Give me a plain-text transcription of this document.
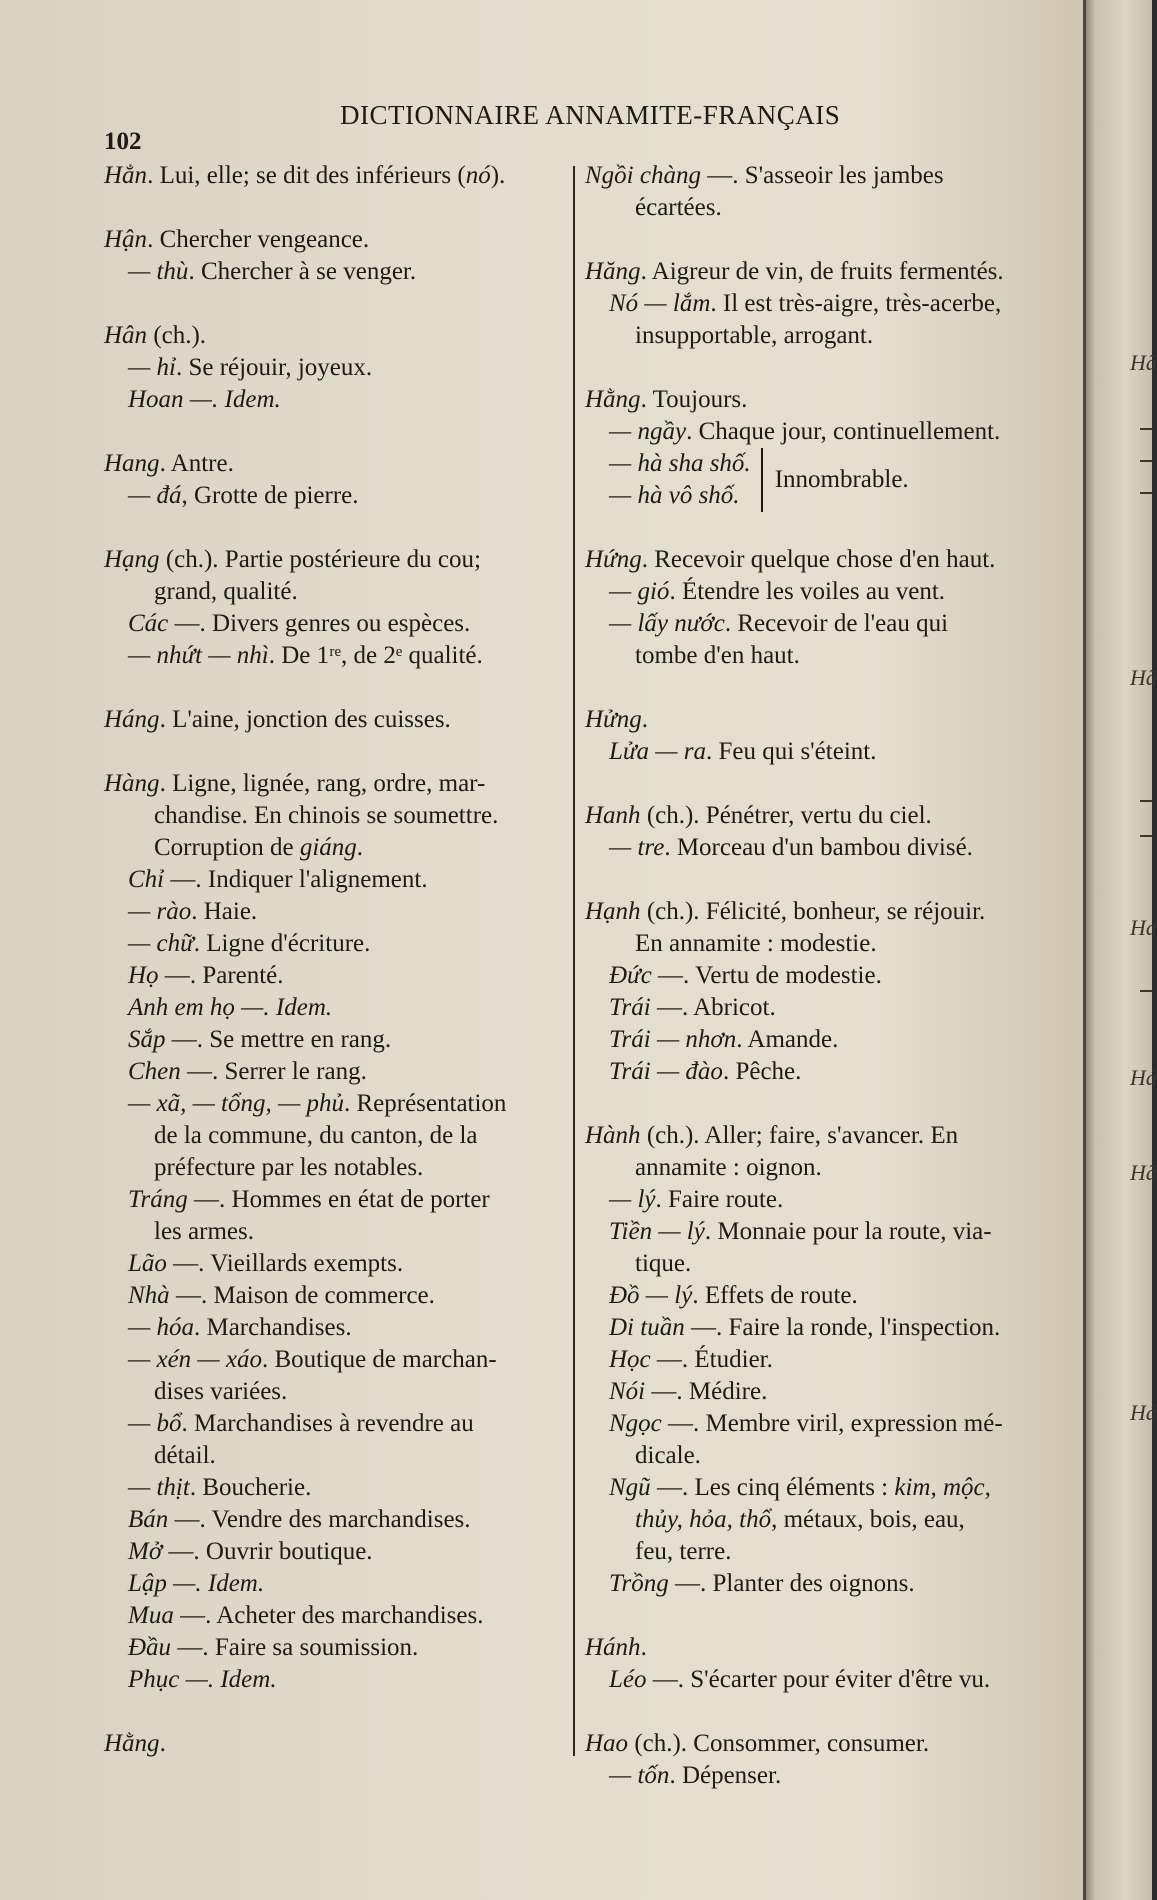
102
DICTIONNAIRE ANNAMITE-FRANÇAIS
Hẳn. Lui, elle; se dit des inférieurs (nó).
Hận. Chercher vengeance.
— thù. Chercher à se venger.
Hân (ch.).
— hỉ. Se réjouir, joyeux.
Hoan —. Idem.
Hang. Antre.
— đá, Grotte de pierre.
Hạng (ch.). Partie postérieure du cou;
grand, qualité.
Các —. Divers genres ou espèces.
— nhứt — nhì. De 1ʳᵉ, de 2ᵉ qualité.
Háng. L'aine, jonction des cuisses.
Hàng. Ligne, lignée, rang, ordre, mar-
chandise. En chinois se soumettre.
Corruption de giáng.
Chỉ —. Indiquer l'alignement.
— rào. Haie.
— chữ. Ligne d'écriture.
Họ —. Parenté.
Anh em họ —. Idem.
Sắp —. Se mettre en rang.
Chen —. Serrer le rang.
— xã, — tổng, — phủ. Représentation
de la commune, du canton, de la
préfecture par les notables.
Tráng —. Hommes en état de porter
les armes.
Lão —. Vieillards exempts.
Nhà —. Maison de commerce.
— hóa. Marchandises.
— xén — xáo. Boutique de marchan-
dises variées.
— bổ. Marchandises à revendre au
détail.
— thịt. Boucherie.
Bán —. Vendre des marchandises.
Mở —. Ouvrir boutique.
Lập —. Idem.
Mua —. Acheter des marchandises.
Đầu —. Faire sa soumission.
Phục —. Idem.
Hằng.
Ngồi chàng —. S'asseoir les jambes
écartées.
Hăng. Aigreur de vin, de fruits fermentés.
Nó — lắm. Il est très-aigre, très-acerbe,
insupportable, arrogant.
Hằng. Toujours.
— ngầy. Chaque jour, continuellement.
— hà sha shố.
— hà vô shố.
Innombrable.
Hứng. Recevoir quelque chose d'en haut.
— gió. Étendre les voiles au vent.
— lấy nước. Recevoir de l'eau qui
tombe d'en haut.
Hửng.
Lửa — ra. Feu qui s'éteint.
Hanh (ch.). Pénétrer, vertu du ciel.
— tre. Morceau d'un bambou divisé.
Hạnh (ch.). Félicité, bonheur, se réjouir.
En annamite : modestie.
Đức —. Vertu de modestie.
Trái —. Abricot.
Trái — nhơn. Amande.
Trái — đào. Pêche.
Hành (ch.). Aller; faire, s'avancer. En
annamite : oignon.
— lý. Faire route.
Tiền — lý. Monnaie pour la route, via-
tique.
Đồ — lý. Effets de route.
Di tuần —. Faire la ronde, l'inspection.
Học —. Étudier.
Nói —. Médire.
Ngọc —. Membre viril, expression mé-
dicale.
Ngũ —. Les cinq éléments : kim, mộc,
thủy, hỏa, thổ, métaux, bois, eau,
feu, terre.
Trồng —. Planter des oignons.
Hánh.
Léo —. S'écarter pour éviter d'être vu.
Hao (ch.). Consommer, consumer.
— tốn. Dépenser.
Hã
Hã
Ha
Há
Hã
Há
